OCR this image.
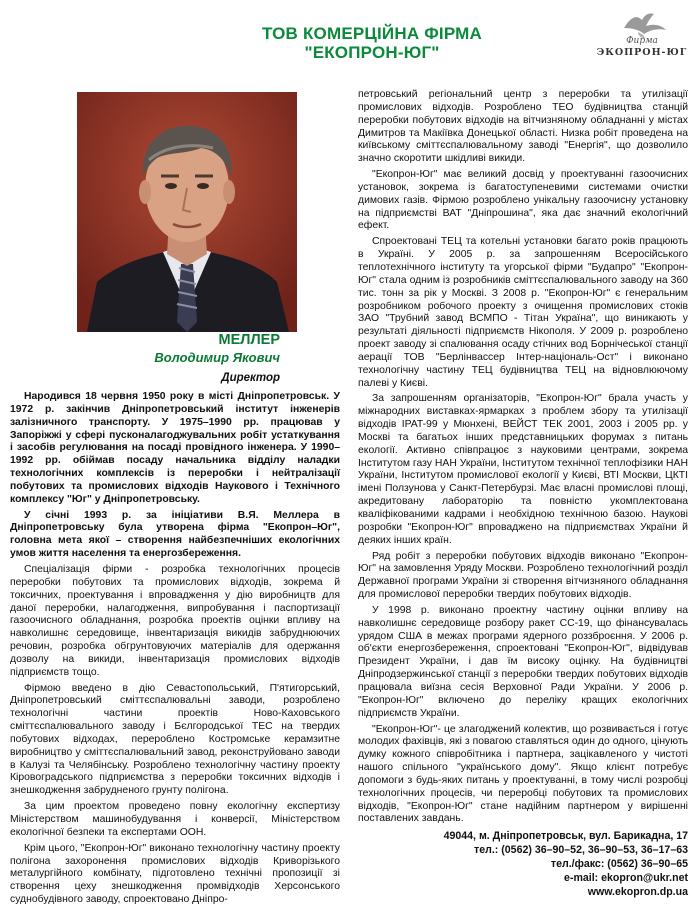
ТОВ КОМЕРЦІЙНА ФІРМА
"ЕКОПРОН-ЮГ"
Фирма
ЭКОПРОН-ЮГ
МЕЛЛЕР
Володимир Якович
Директор

Народився 18 червня 1950 року в місті Дніпропетровськ. У 1972 р. закінчив Дніпропетровський інститут інженерів залізничного транспорту. У 1975–1990 рр. працював у Запоріжжі у сфері пусконалагоджувальних робіт устаткування і засобів регулювання на посаді провідного інженера. У 1990–1992 рр. обіймав посаду начальника відділу наладки технологічних комплексів із переробки і нейтралізації побутових та промислових відходів Наукового і Технічного комплексу "Юг" у Дніпропетровську.

У січні 1993 р. за ініціативи В.Я. Меллера в Дніпропетровську була утворена фірма "Екопрон–Юг", головна мета якої – створення найбезпечніших екологічних умов життя населення та енергозбереження.

Спеціалізація фірми - розробка технологічних процесів переробки побутових та промислових відходів, зокрема й токсичних, проектування і впровадження у дію виробництв для даної переробки, налагодження, випробування і паспортизації газоочисного обладнання, розробка проектів оцінки впливу на навколишнє середовище, інвентаризація викидів забруднюючих речовин, розробка обгрунтовуючих матеріалів для одержання дозволу на викиди, інвентаризація промислових відходів підприємств тощо.

Фірмою введено в дію Севастопольський, П'ятигорський, Дніпропетровський сміттєспалювальні заводи, розроблено технологічні частини проектів Ново-Каховського сміттєспалювального заводу і Бєлгородської ТЕС на твердих побутових відходах, перероблено Костромське керамзитне виробництво у сміттєспалювальний завод, реконструйовано заводи в Калузі та Челябінську. Розроблено технологічну частину проекту Кіровоградського підприємства з переробки токсичних відходів і знешкодження забрудненого грунту полігона.

За цим проектом проведено повну екологічну експертизу Міністерством машинобудування і конверсії, Міністерством екологічної безпеки та експертами ООН.

Крім цього, "Екопрон-Юг" виконано технологічну частину проекту полігона захоронення промислових відходів Криворізького металургійного комбінату, підготовлено технічні пропозиції зі створення цеху знешкодження промвідходів Херсонського суднобудівного заводу, спроектовано Дніпро-

петровський регіональний центр з переробки та утилізації промислових відходів. Розроблено ТЕО будівництва станцій переробки побутових відходів на вітчизняному обладнанні у містах Димитров та Макіївка Донецької області. Низка робіт проведена на київському сміттєспалювальному заводі "Енергія", що дозволило значно скоротити шкідливі викиди.

"Екопрон-Юг" має великий досвід у проектуванні газоочисних установок, зокрема із багатоступеневими системами очистки димових газів. Фірмою розроблено унікальну газоочисну установку на підприємстві ВАТ "Дніпрошина", яка дає значний екологічний ефект.

Спроектовані ТЕЦ та котельні установки багато років працюють в Україні. У 2005 р. за запрошенням Всеросійського теплотехнічного інституту та угорської фірми "Будапро" "Екопрон-Юг" стала одним із розробників сміттєспалювального заводу на 360 тис. тонн за рік у Москві. З 2008 р. "Екопрон-Юг" є генеральним розробником робочого проекту з очищення промислових стоків ЗАО "Трубний завод ВСМПО - Тітан Україна", що виникають у результаті діяльності підприємств Нікополя. У 2009 р. розроблено проект заводу зі спалювання осаду стічних вод Борнічеської станції аерації ТОВ "Берлінвассер Інтер-національ-Ост" і виконано технологічну частину ТЕЦ будівництва ТЕЦ на відновлюючому палеві у Києві.

За запрошенням організаторів, "Екопрон-Юг" брала участь у міжнародних виставках-ярмарках з проблем збору та утилізації відходів IPAT-99 у Мюнхені, ВЕЙСТ ТЕК 2001, 2003 і 2005 рр. у Москві та багатьох інших представницьких форумах з питань екології. Активно співпрацює з науковими центрами, зокрема Інститутом газу НАН України, Інститутом технічної теплофізики НАН України, Інститутом промислової екології у Києві, ВТІ Москви, ЦКТІ імені Ползунова у Санкт-Петербурзі. Має власні промислові площі, акредитовану лабораторію та повністю укомплектована кваліфікованими кадрами і необхідною технічною базою. Наукові розробки "Екопрон-Юг" впроваджено на підприємствах України й деяких інших країн.

Ряд робіт з переробки побутових відходів виконано "Екопрон-Юг" на замовлення Уряду Москви. Розроблено технологічний розділ Державної програми України зі створення вітчизняного обладнання для промислової переробки твердих побутових відходів.

У 1998 р. виконано проектну частину оцінки впливу на навколишнє середовище розбору ракет СС-19, що фінансувалась урядом США в межах програми ядерного роззброєння. У 2006 р. об'єкти енергозбереження, спроектовані "Екопрон-Юг", відвідував Президент України, і дав їм високу оцінку. На будівництві Дніпродзержинської станції з переробки твердих побутових відходів працювала виїзна сесія Верховної Ради України. У 2006 р. "Екопрон-Юг" включено до переліку кращих екологічних підприємств України.

"Екопрон-Юг"- це злагоджений колектив, що розвивається і готує молодих фахівців, які з повагою ставляться один до одного, цінують думку кожного співробітника і партнера, зацікавленого у чистоті нашого спільного "українського дому". Якщо клієнт потребує допомоги з будь-яких питань у проектуванні, в тому числі розробці технологічних процесів, чи переробці побутових та промислових відходів, "Екопрон-Юг" стане надійним партнером у вирішенні поставлених завдань.

49044, м. Дніпропетровськ, вул. Барикадна, 17
тел.: (0562) 36–90–52, 36–90–53, 36–17–63
тел./факс: (0562) 36–90–65
e-mail: ekopron@ukr.net
www.ekopron.dp.ua
